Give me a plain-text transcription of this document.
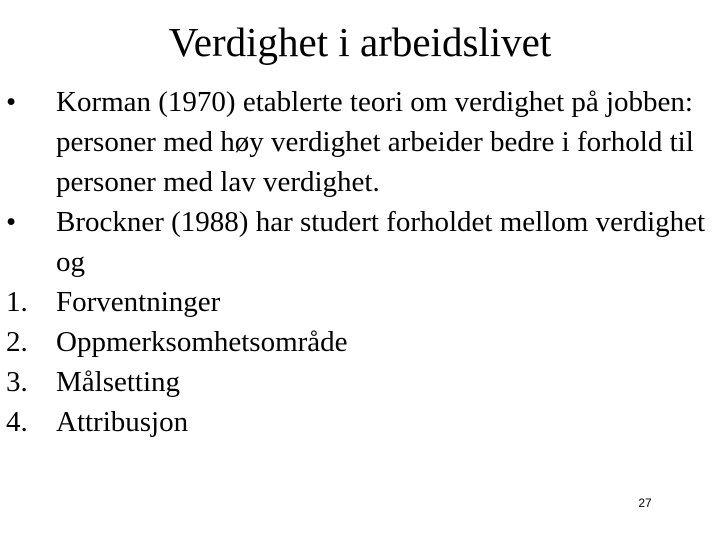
Verdighet i arbeidslivet
•	Korman (1970) etablerte teori om verdighet på jobben: personer med høy verdighet arbeider bedre i forhold til personer med lav verdighet.
•	Brockner (1988) har studert forholdet mellom verdighet og
1. Forventninger
2. Oppmerksomhetsområde
3. Målsetting
4. Attribusjon
27
